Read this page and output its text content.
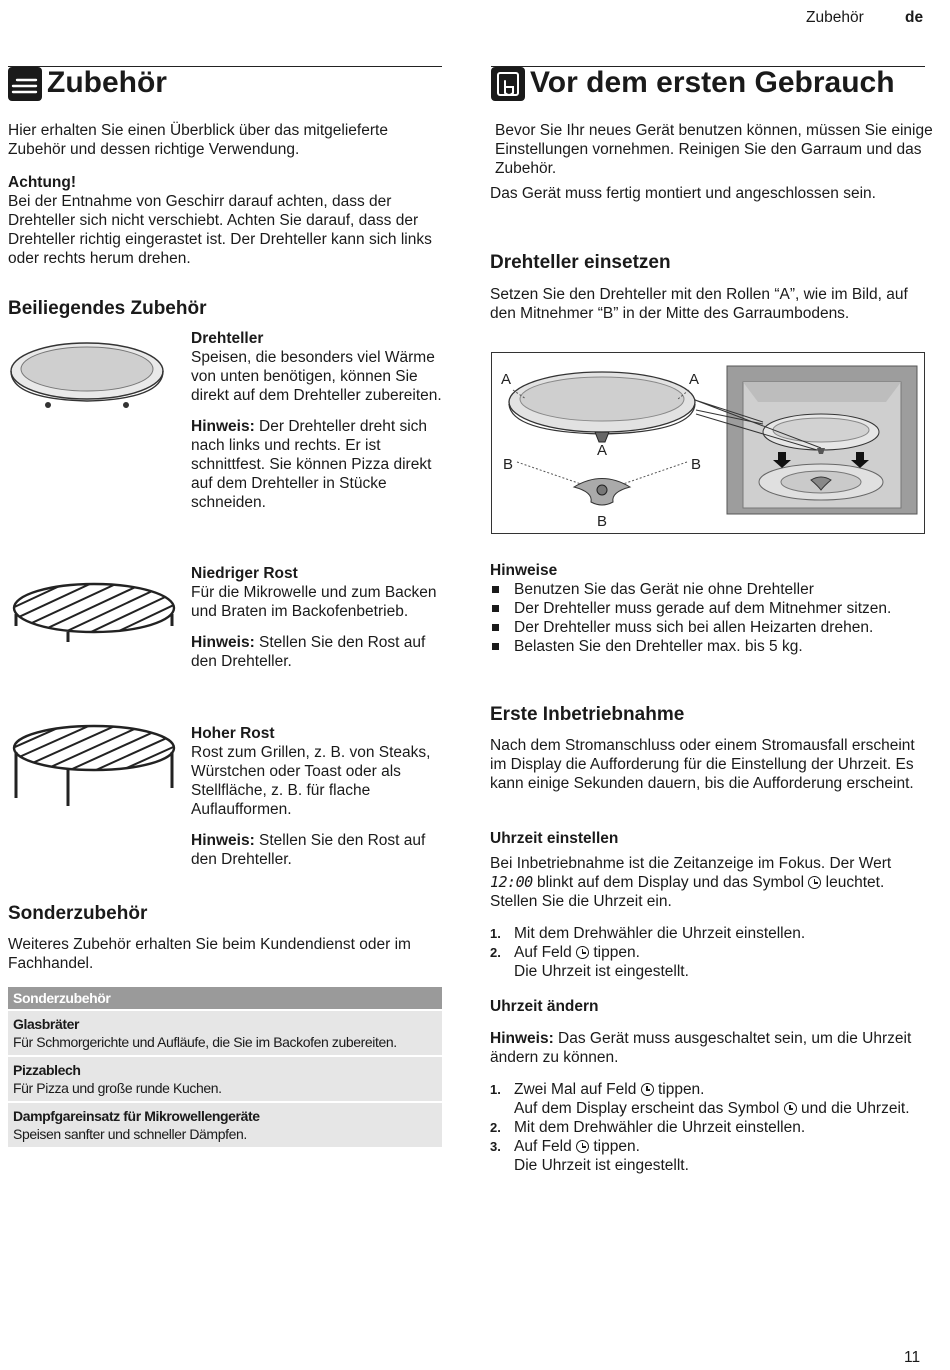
Zubehör	de
Zubehör

Hier erhalten Sie einen Überblick über das mitgelieferte Zubehör und dessen richtige Verwendung.

Achtung!

Bei der Entnahme von Geschirr darauf achten, dass der Drehteller sich nicht verschiebt. Achten Sie darauf, dass der Drehteller richtig eingerastet ist. Der Drehteller kann sich links oder rechts herum drehen.

Beiliegendes Zubehör

Drehteller

Speisen, die besonders viel Wärme von unten benötigen, können Sie direkt auf dem Drehteller zubereiten.

Hinweis: Der Drehteller dreht sich nach links und rechts. Er ist schnittfest. Sie können Pizza direkt auf dem Drehteller in Stücke schneiden.

Niedriger Rost

Für die Mikrowelle und zum Backen und Braten im Backofenbetrieb.

Hinweis: Stellen Sie den Rost auf den Drehteller.

Hoher Rost

Rost zum Grillen, z. B. von Steaks, Würstchen oder Toast oder als Stellfläche, z. B. für flache Auflaufformen.

Hinweis: Stellen Sie den Rost auf den Drehteller.

Sonderzubehör

Weiteres Zubehör erhalten Sie beim Kundendienst oder im Fachhandel.

Sonderzubehör

Glasbräter
Für Schmorgerichte und Aufläufe, die Sie im Backofen zubereiten.

Pizzablech
Für Pizza und große runde Kuchen.

Dampfgareinsatz für Mikrowellengeräte
Speisen sanfter und schneller Dämpfen.
Vor dem ersten Gebrauch

Bevor Sie Ihr neues Gerät benutzen können, müssen Sie einige Einstellungen vornehmen. Reinigen Sie den Garraum und das Zubehör.

Das Gerät muss fertig montiert und angeschlossen sein.

Drehteller einsetzen

Setzen Sie den Drehteller mit den Rollen “A”, wie im Bild, auf den Mitnehmer “B” in der Mitte des Garraumbodens.

A	A
A
B	B
B

Hinweise

Benutzen Sie das Gerät nie ohne Drehteller
Der Drehteller muss gerade auf dem Mitnehmer sitzen.
Der Drehteller muss sich bei allen Heizarten drehen.
Belasten Sie den Drehteller max. bis 5 kg.
Erste Inbetriebnahme

Nach dem Stromanschluss oder einem Stromausfall erscheint im Display die Aufforderung für die Einstellung der Uhrzeit. Es kann einige Sekunden dauern, bis die Aufforderung erscheint.

Uhrzeit einstellen

Bei Inbetriebnahme ist die Zeitanzeige im Fokus. Der Wert 12:00 blinkt auf dem Display und das Symbol  leuchtet. Stellen Sie die Uhrzeit ein.

1. Mit dem Drehwähler die Uhrzeit einstellen.
2. Auf Feld  tippen.
Die Uhrzeit ist eingestellt.

Uhrzeit ändern

Hinweis: Das Gerät muss ausgeschaltet sein, um die Uhrzeit ändern zu können.

1. Zwei Mal auf Feld  tippen.
Auf dem Display erscheint das Symbol  und die Uhrzeit.
2. Mit dem Drehwähler die Uhrzeit einstellen.
3. Auf Feld  tippen.
Die Uhrzeit ist eingestellt.
11
